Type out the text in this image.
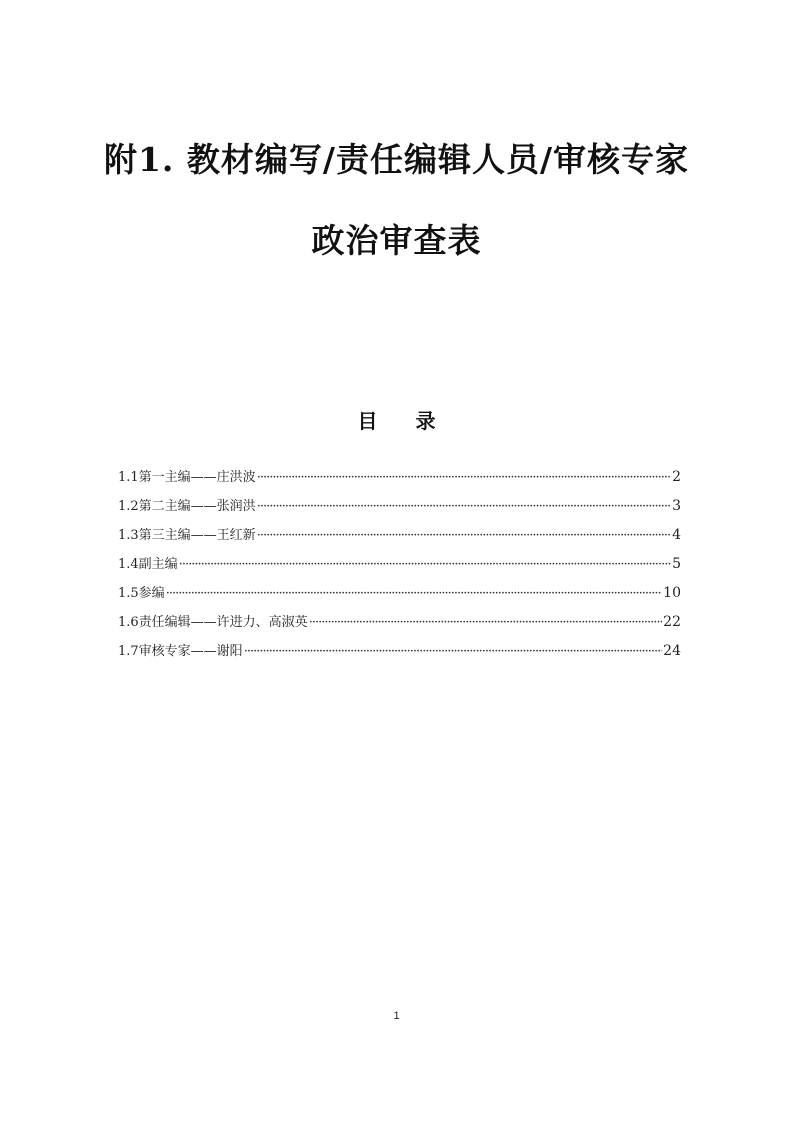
附1. 教材编写/责任编辑人员/审核专家
政治审查表
目 录
1.1第一主编——庄洪波 ·····	2
1.2第二主编——张润洪 ·····	3
1.3第三主编——王红新 ·····	4
1.4副主编 ·····	5
1.5参编 ·····	10
1.6责任编辑——许进力、高淑英 ·····	22
1.7审核专家——谢阳 ·····	24
1
